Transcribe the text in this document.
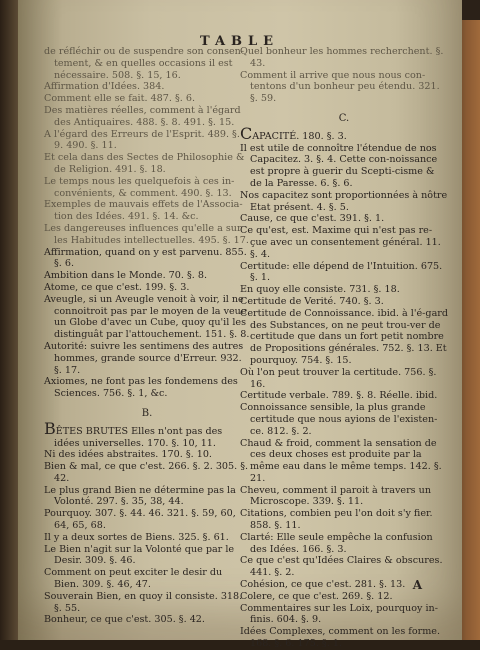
TABLE

de réfléchir ou de suspendre son consen-tement, & en quelles occasions il est nécessaire. 508. §. 15, 16.

Affirmation d'Idées. 384.

Comment elle se fait. 487. §. 6.

Des matières réelles, comment à l'égard des Antiquaires. 488. §. 8. 491. §. 15.

A l'égard des Erreurs de l'Esprit. 489. §. 9. 490. §. 11.

Et cela dans des Sectes de Philosophie & de Religion. 491. §. 18.

Le temps nous les quelquefois à ces in-convénients, & comment. 490. §. 13.

Exemples de mauvais effets de l'Associa-tion des Idées. 491. §. 14. &c.

Les dangereuses influences qu'elle a sur les Habitudes intellectuelles. 495. §. 17.

Affirmation, quand on y est parvenu. 855. §. 6.

Ambition dans le Monde. 70. §. 8.

Atome, ce que c'est. 199. §. 3.

Aveugle, si un Aveugle venoit à voir, il ne connoitroit pas par le moyen de la veue un Globe d'avec un Cube, quoy qu'il les distinguât par l'attouchement. 151. §. 8.

Autorité: suivre les sentimens des autres hommes, grande source d'Erreur. 932. §. 17.

Axiomes, ne font pas les fondemens des Sciences. 756. §. 1, &c.

B.

BÊTES BRUTES Elles n'ont pas des idées universelles. 170. §. 10, 11.

Ni des idées abstraites. 170. §. 10.

Bien & mal, ce que c'est. 266. §. 2. 305. §. 42.

Le plus grand Bien ne détermine pas la Volonté. 297. §. 35, 38, 44.

Pourquoy. 307. §. 44. 46. 321. §. 59, 60, 64, 65, 68.

Il y a deux sortes de Biens. 325. §. 61.

Le Bien n'agit sur la Volonté que par le Desir. 309. §. 46.

Comment on peut exciter le desir du Bien. 309. §. 46, 47.

Souverain Bien, en quoy il consiste. 318. §. 55.

Bonheur, ce que c'est. 305. §. 42.

Quel bonheur les hommes recherchent. §. 43.

Comment il arrive que nous nous con-tentons d'un bonheur peu étendu. 321. §. 59.

C.

CAPACITÉ. 180. §. 3.

Il est utile de connoître l'étendue de nos Capacitez. 3. §. 4. Cette con-noissance est propre à guerir du Scepti-cisme & de la Paresse. 6. §. 6.

Nos capacitez sont proportionnées à nôtre Etat présent. 4. §. 5.

Cause, ce que c'est. 391. §. 1.

Ce qu'est, est. Maxime qui n'est pas re-çue avec un consentement général. 11. §. 4.

Certitude: elle dépend de l'Intuition. 675. §. 1.

En quoy elle consiste. 731. §. 18.

Certitude de Verité. 740. §. 3.

Certitude de Connoissance. ibid. à l'é-gard des Substances, on ne peut trou-ver de certitude que dans un fort petit nombre de Propositions générales. 752. §. 13. Et pourquoy. 754. §. 15.

Où l'on peut trouver la certitude. 756. §. 16.

Certitude verbale. 789. §. 8. Réelle. ibid.

Connoissance sensible, la plus grande certitude que nous ayions de l'existen-ce. 812. §. 2.

Chaud & froid, comment la sensation de ces deux choses est produite par la même eau dans le même temps. 142. §. 21.

Cheveu, comment il paroit à travers un Microscope. 339. §. 11.

Citations, combien peu l'on doit s'y fier. 858. §. 11.

Clarté: Elle seule empêche la confusion des Idées. 166. §. 3.

Ce que c'est qu'Idées Claires & obscures. 441. §. 2.

Cohésion, ce que c'est. 281. §. 13.

Colere, ce que c'est. 269. §. 12.

Commentaires sur les Loix, pourquoy in-finis. 604. §. 9.

Idées Complexes, comment on les forme. 168. §. 6. 175. §. 1.

A
